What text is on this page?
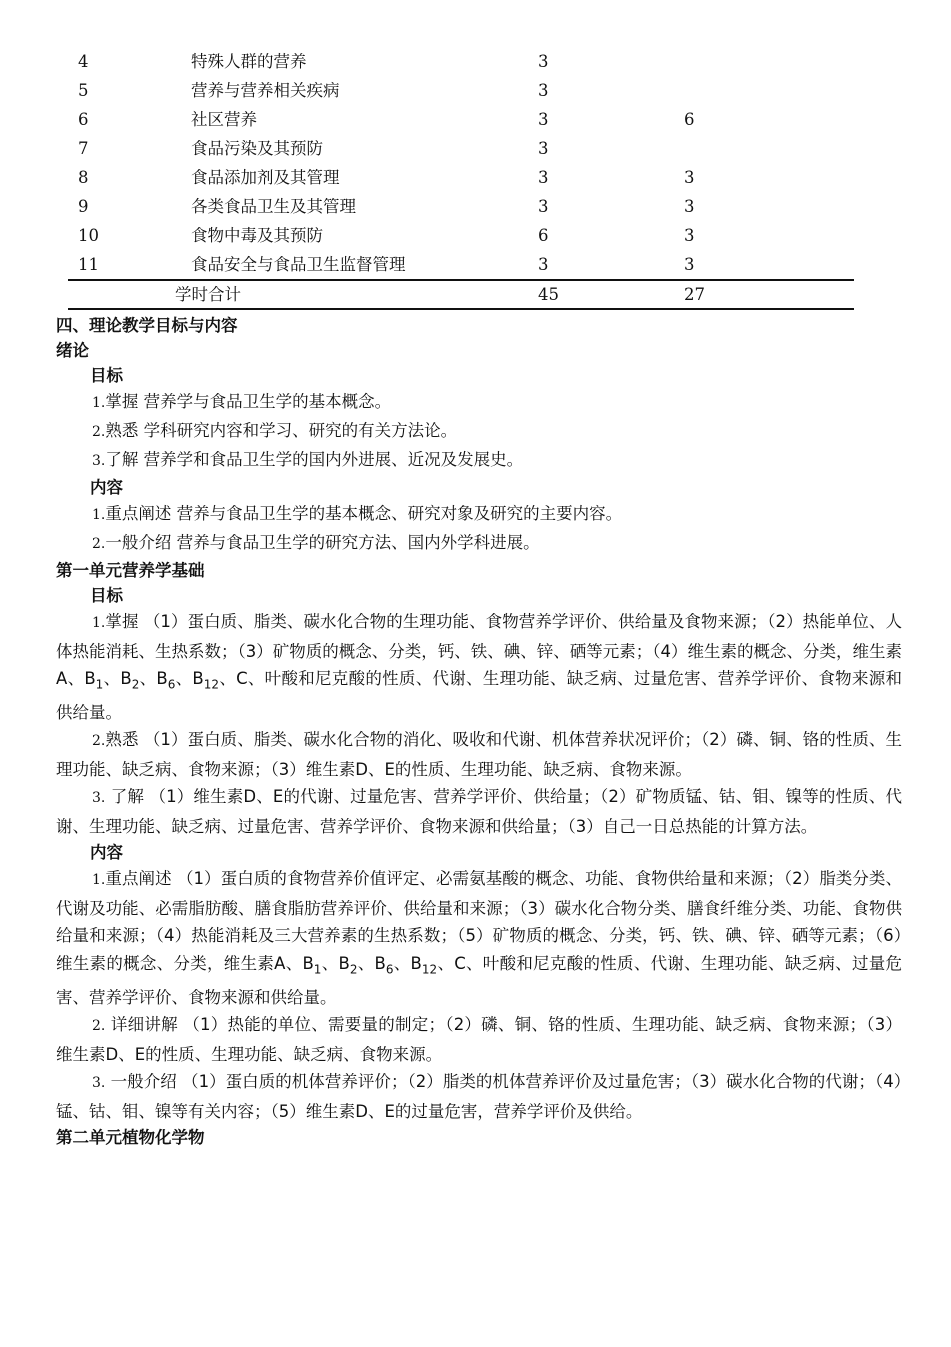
4	特殊人群的营养	3
5	营养与营养相关疾病	3
6	社区营养	3	6
7	食品污染及其预防	3
8	食品添加剂及其管理	3	3
9	各类食品卫生及其管理	3	3
10	食物中毒及其预防	6	3
11	食品安全与食品卫生监督管理	3	3
学时合计	45	27

四、理论教学目标与内容

绪论

目标

1.掌握 营养学与食品卫生学的基本概念。

2.熟悉 学科研究内容和学习、研究的有关方法论。

3.了解 营养学和食品卫生学的国内外进展、近况及发展史。

内容

1.重点阐述 营养与食品卫生学的基本概念、研究对象及研究的主要内容。

2.一般介绍 营养与食品卫生学的研究方法、国内外学科进展。

第一单元营养学基础

目标

1.掌握 （1）蛋白质、脂类、碳水化合物的生理功能、食物营养学评价、供给量及食物来源；（2）热能单位、人体热能消耗、生热系数；（3）矿物质的概念、分类，钙、铁、碘、锌、硒等元素；（4）维生素的概念、分类，维生素A、$B_1$、$B_2$、$B_6$、$B_{12}$、C、叶酸和尼克酸的性质、代谢、生理功能、缺乏病、过量危害、营养学评价、食物来源和供给量。

2.熟悉 （1）蛋白质、脂类、碳水化合物的消化、吸收和代谢、机体营养状况评价；（2）磷、铜、铬的性质、生理功能、缺乏病、食物来源；（3）维生素D、E的性质、生理功能、缺乏病、食物来源。

3. 了解 （1）维生素D、E的代谢、过量危害、营养学评价、供给量；（2）矿物质锰、钴、钼、镍等的性质、代谢、生理功能、缺乏病、过量危害、营养学评价、食物来源和供给量；（3）自己一日总热能的计算方法。

内容

1.重点阐述 （1）蛋白质的食物营养价值评定、必需氨基酸的概念、功能、食物供给量和来源；（2）脂类分类、代谢及功能、必需脂肪酸、膳食脂肪营养评价、供给量和来源；（3）碳水化合物分类、膳食纤维分类、功能、食物供给量和来源；（4）热能消耗及三大营养素的生热系数；（5）矿物质的概念、分类，钙、铁、碘、锌、硒等元素；（6）维生素的概念、分类，维生素A、$B_1$、$B_2$、$B_6$、$B_{12}$、C、叶酸和尼克酸的性质、代谢、生理功能、缺乏病、过量危害、营养学评价、食物来源和供给量。

2. 详细讲解 （1）热能的单位、需要量的制定；（2）磷、铜、铬的性质、生理功能、缺乏病、食物来源；（3）维生素D、E的性质、生理功能、缺乏病、食物来源。

3. 一般介绍 （1）蛋白质的机体营养评价；（2）脂类的机体营养评价及过量危害；（3）碳水化合物的代谢；（4）锰、钴、钼、镍等有关内容；（5）维生素D、E的过量危害，营养学评价及供给。

第二单元植物化学物
